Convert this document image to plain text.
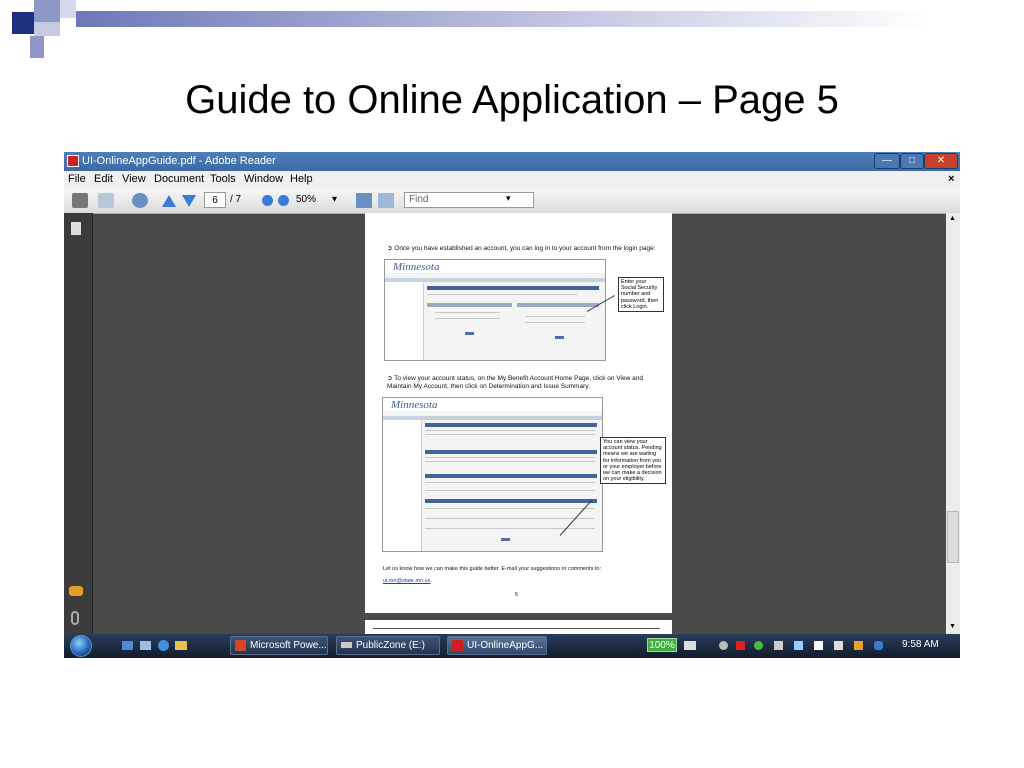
Guide to Online Application – Page 5
UI-OnlineAppGuide.pdf - Adobe Reader	—	□	✕
File Edit View Document Tools Window Help	×
6	/ 7	50% ▾	Find	▾
➲ Once you have established an account, you can log in to your account from the login page:
Minnesota
Enter your Social Security number and password, then click Login.
➲ To view your account status, on the My Benefit Account Home Page, click on View and Maintain My Account, then click on Determination and Issue Summary.
Minnesota
You can view your account status. Pending means we are waiting for information from you or your employer before we can make a decision on your eligibility.
Let us know how we can make this guide better. E-mail your suggestions or comments to:
ui.mn@state.mn.us
5
▲
▼
Microsoft Powe...	PublicZone (E:)	UI-OnlineAppG...	100%	9:58 AM
